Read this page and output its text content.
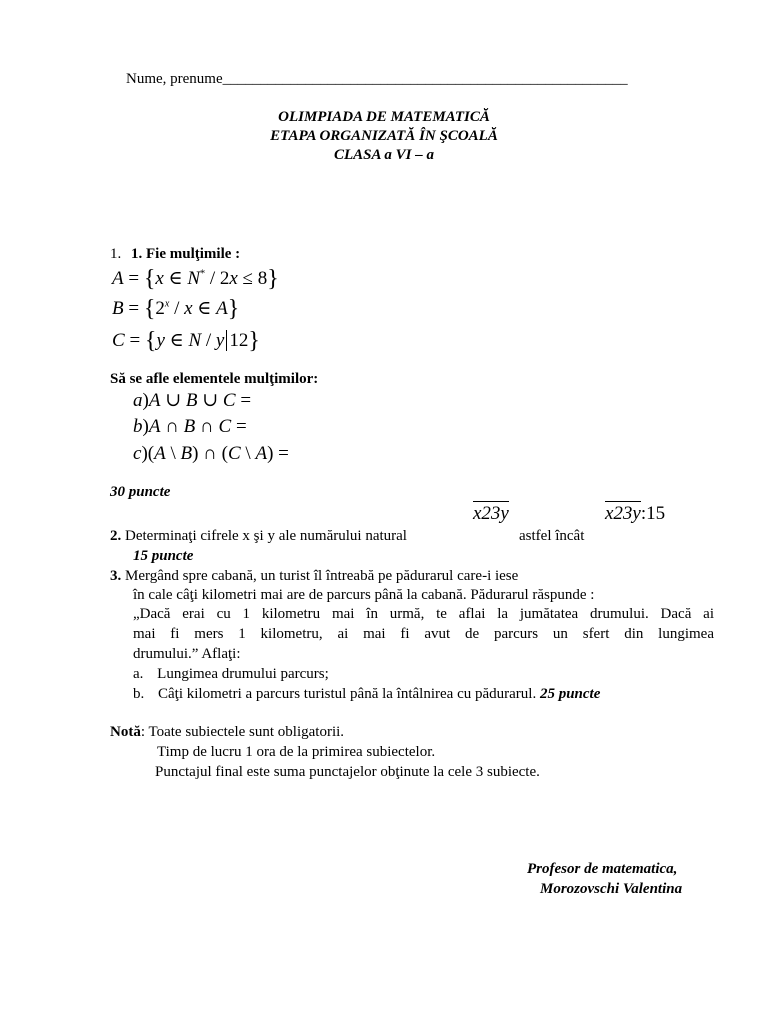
Nume, prenume______________________________________________________
OLIMPIADA DE MATEMATICĂ
ETAPA ORGANIZATĂ ÎN ŞCOALĂ
CLASA a VI – a
1. 1. Fie mulţimile :
A = {x ∈ N* / 2x ≤ 8}
$B = \{2^x / x$ ∈ A}
C = {y ∈ N / y 12}
Să se afle elementele mulţimilor:
a)A ∪ B ∪ C =
b)A ∩ B ∩ C =
c)(A \ B) ∩ (C \ A) =
30 puncte
x23y	x23y:15
2. Determinaţi cifrele x şi y ale numărului natural	astfel încât
15 puncte
3. Mergând spre cabană, un turist îl întreabă pe pădurarul care-i iese
în cale câţi kilometri mai are de parcurs până la cabană. Pădurarul răspunde :
„Dacă erai cu 1 kilometru mai în urmă, te aflai la jumătatea drumului. Dacă ai
mai fi mers 1 kilometru, ai mai fi avut de parcurs un sfert din lungimea
drumului.” Aflaţi:
a. Lungimea drumului parcurs;
b. Câţi kilometri a parcurs turistul până la întâlnirea cu pădurarul. 25 puncte
Notă: Toate subiectele sunt obligatorii.
Timp de lucru 1 ora de la primirea subiectelor.
Punctajul final este suma punctajelor obţinute la cele 3 subiecte.
Profesor de matematica,
Morozovschi Valentina
